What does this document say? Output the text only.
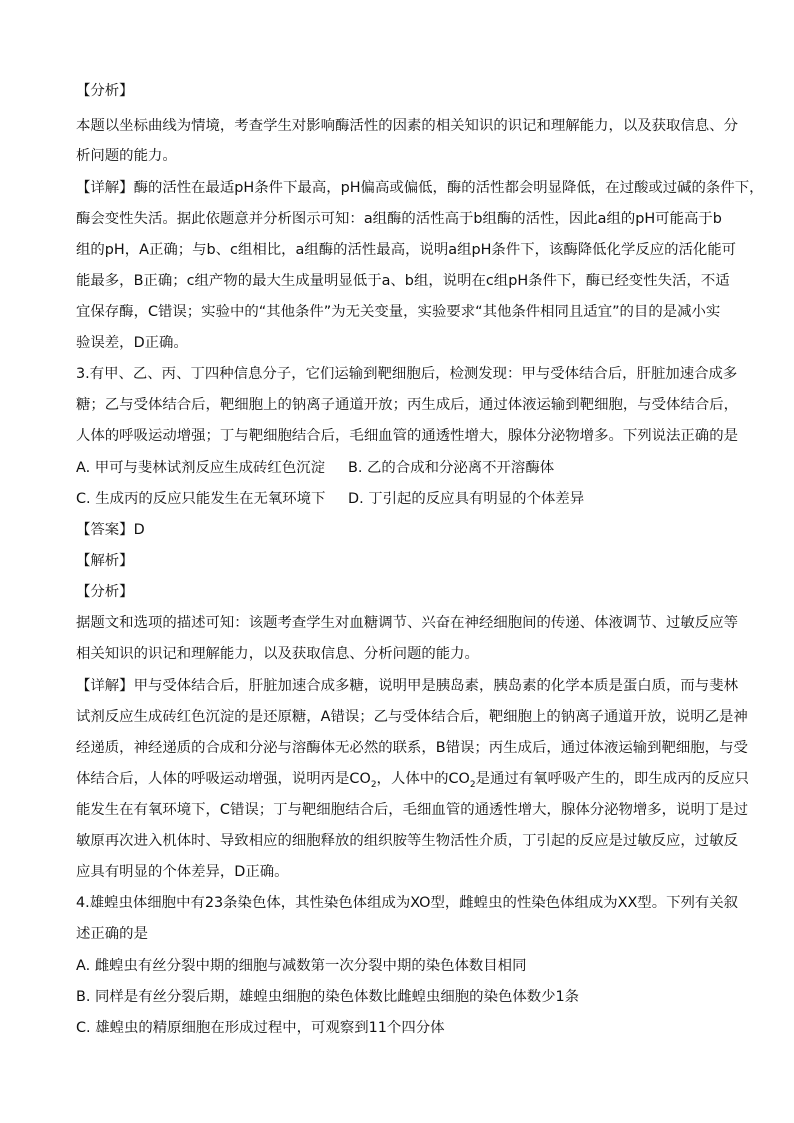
【分析】
本题以坐标曲线为情境，考查学生对影响酶活性的因素的相关知识的识记和理解能力，以及获取信息、分
析问题的能力。
【详解】酶的活性在最适pH条件下最高，pH偏高或偏低，酶的活性都会明显降低，在过酸或过碱的条件下，
酶会变性失活。据此依题意并分析图示可知：a组酶的活性高于b组酶的活性，因此a组的pH可能高于b
组的pH，A正确；与b、c组相比，a组酶的活性最高，说明a组pH条件下，该酶降低化学反应的活化能可
能最多，B正确；c组产物的最大生成量明显低于a、b组，说明在c组pH条件下，酶已经变性失活，不适
宜保存酶，C错误；实验中的“其他条件”为无关变量，实验要求“其他条件相同且适宜”的目的是减小实
验误差，D正确。
3.有甲、乙、丙、丁四种信息分子，它们运输到靶细胞后，检测发现：甲与受体结合后，肝脏加速合成多
糖；乙与受体结合后，靶细胞上的钠离子通道开放；丙生成后，通过体液运输到靶细胞，与受体结合后，
人体的呼吸运动增强；丁与靶细胞结合后，毛细血管的通透性增大，腺体分泌物增多。下列说法正确的是
A. 甲可与斐林试剂反应生成砖红色沉淀 B. 乙的合成和分泌离不开溶酶体
C. 生成丙的反应只能发生在无氧环境下 D. 丁引起的反应具有明显的个体差异
【答案】D
【解析】
【分析】
据题文和选项的描述可知：该题考查学生对血糖调节、兴奋在神经细胞间的传递、体液调节、过敏反应等
相关知识的识记和理解能力，以及获取信息、分析问题的能力。
【详解】甲与受体结合后，肝脏加速合成多糖，说明甲是胰岛素，胰岛素的化学本质是蛋白质，而与斐林
试剂反应生成砖红色沉淀的是还原糖，A错误；乙与受体结合后，靶细胞上的钠离子通道开放，说明乙是神
经递质，神经递质的合成和分泌与溶酶体无必然的联系，B错误；丙生成后，通过体液运输到靶细胞，与受
体结合后，人体的呼吸运动增强，说明丙是$CO_2$，人体中的$CO_2$是通过有氧呼吸产生的，即生成丙的反应只
能发生在有氧环境下，C错误；丁与靶细胞结合后，毛细血管的通透性增大，腺体分泌物增多，说明丁是过
敏原再次进入机体时、导致相应的细胞释放的组织胺等生物活性介质，丁引起的反应是过敏反应，过敏反
应具有明显的个体差异，D正确。
4.雄蝗虫体细胞中有23条染色体，其性染色体组成为XO型，雌蝗虫的性染色体组成为XX型。下列有关叙
述正确的是
A. 雌蝗虫有丝分裂中期的细胞与减数第一次分裂中期的染色体数目相同
B. 同样是有丝分裂后期，雄蝗虫细胞的染色体数比雌蝗虫细胞的染色体数少1条
C. 雄蝗虫的精原细胞在形成过程中，可观察到11个四分体
